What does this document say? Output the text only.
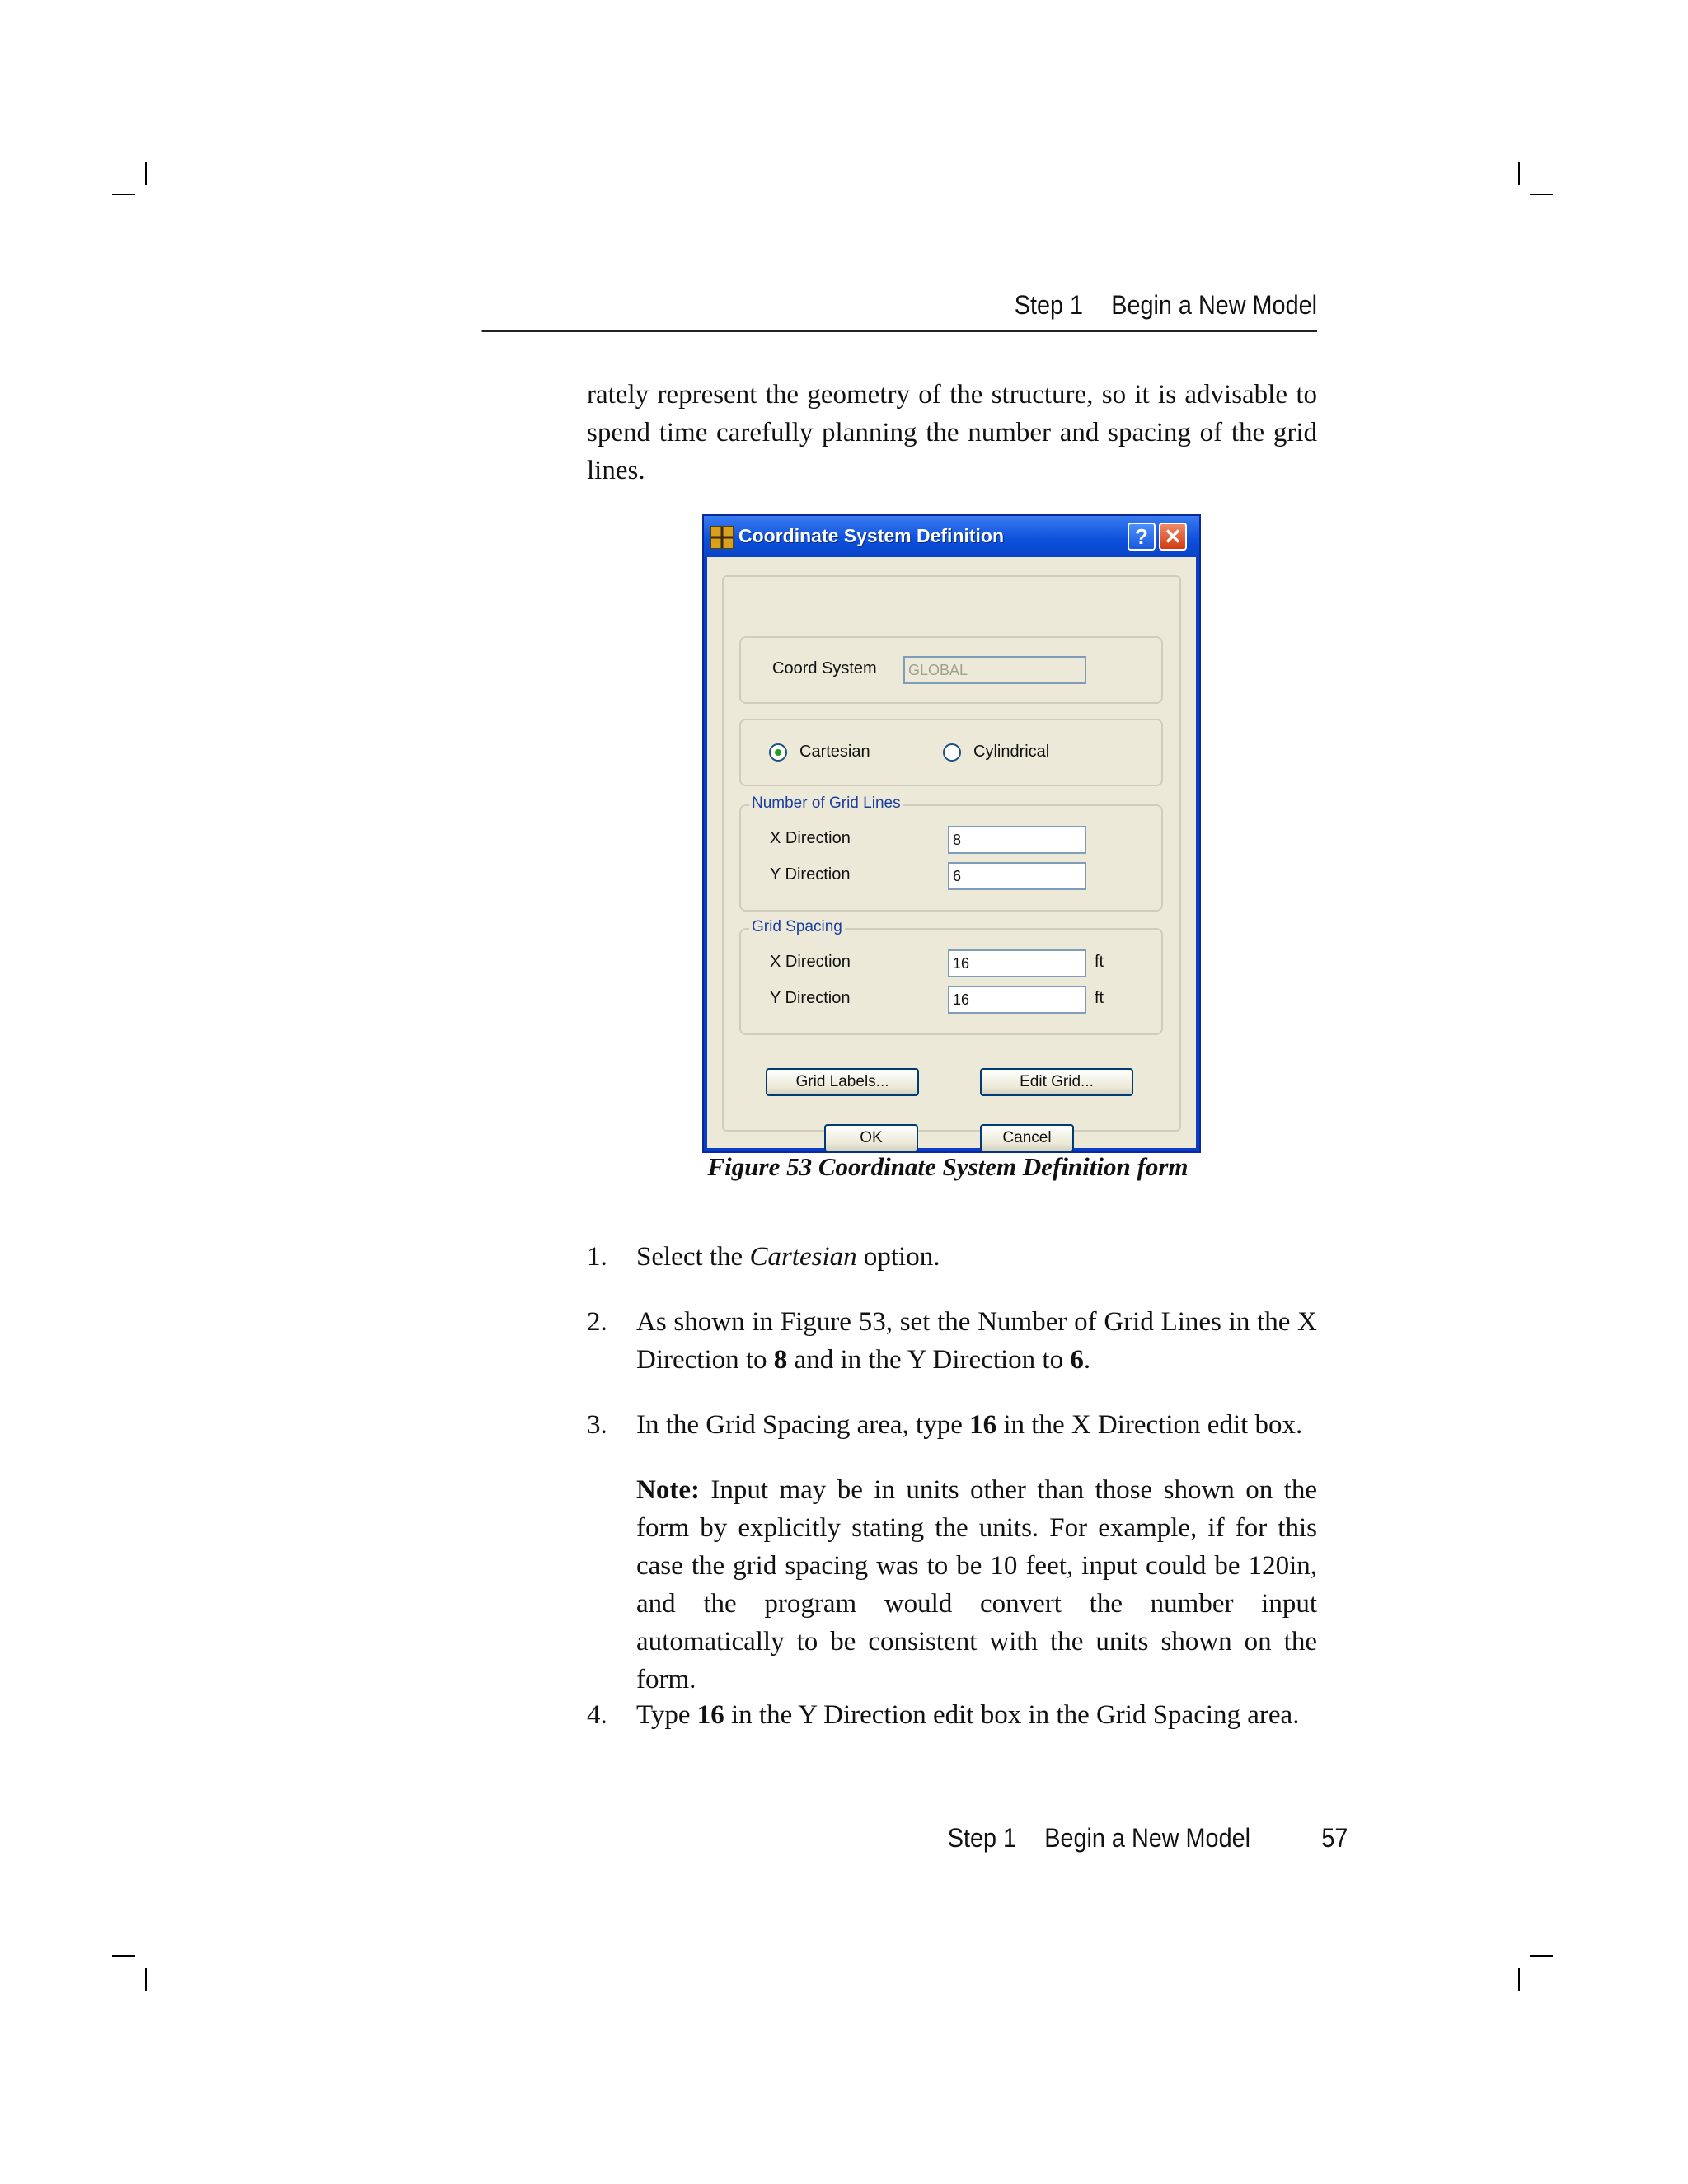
Step 1 Begin a New Model
rately represent the geometry of the structure, so it is advisable to spend time carefully planning the number and spacing of the grid lines.
Coordinate System Definition	? ✕
Coord System
GLOBAL
Cartesian	Cylindrical
Number of Grid Lines
X Direction
8
Y Direction
6
Grid Spacing
X Direction
16	ft
Y Direction
16	ft
Grid Labels...	Edit Grid...
OK	Cancel
Figure 53 Coordinate System Definition form
1. Select the Cartesian option.
2. As shown in Figure 53, set the Number of Grid Lines in the X Direction to 8 and in the Y Direction to 6.
3. In the Grid Spacing area, type 16 in the X Direction edit box.
Note: Input may be in units other than those shown on the form by explicitly stating the units. For example, if for this case the grid spacing was to be 10 feet, input could be 120in, and the program would convert the number input automatically to be consistent with the units shown on the form.
4. Type 16 in the Y Direction edit box in the Grid Spacing area.
Step 1 Begin a New Model	57
